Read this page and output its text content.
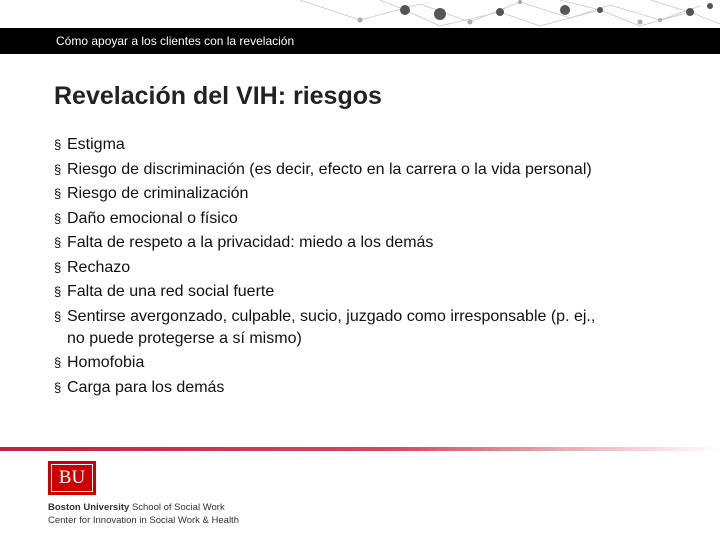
Cómo apoyar a los clientes con la revelación
Revelación del VIH: riesgos
§ Estigma
§ Riesgo de discriminación (es decir, efecto en la carrera o la vida personal)
§ Riesgo de criminalización
§ Daño emocional o físico
§ Falta de respeto a la privacidad: miedo a los demás
§ Rechazo
§ Falta de una red social fuerte
§ Sentirse avergonzado, culpable, sucio, juzgado como irresponsable (p. ej., no puede protegerse a sí mismo)
§ Homofobia
§ Carga para los demás
BU
Boston University School of Social Work
Center for Innovation in Social Work & Health
